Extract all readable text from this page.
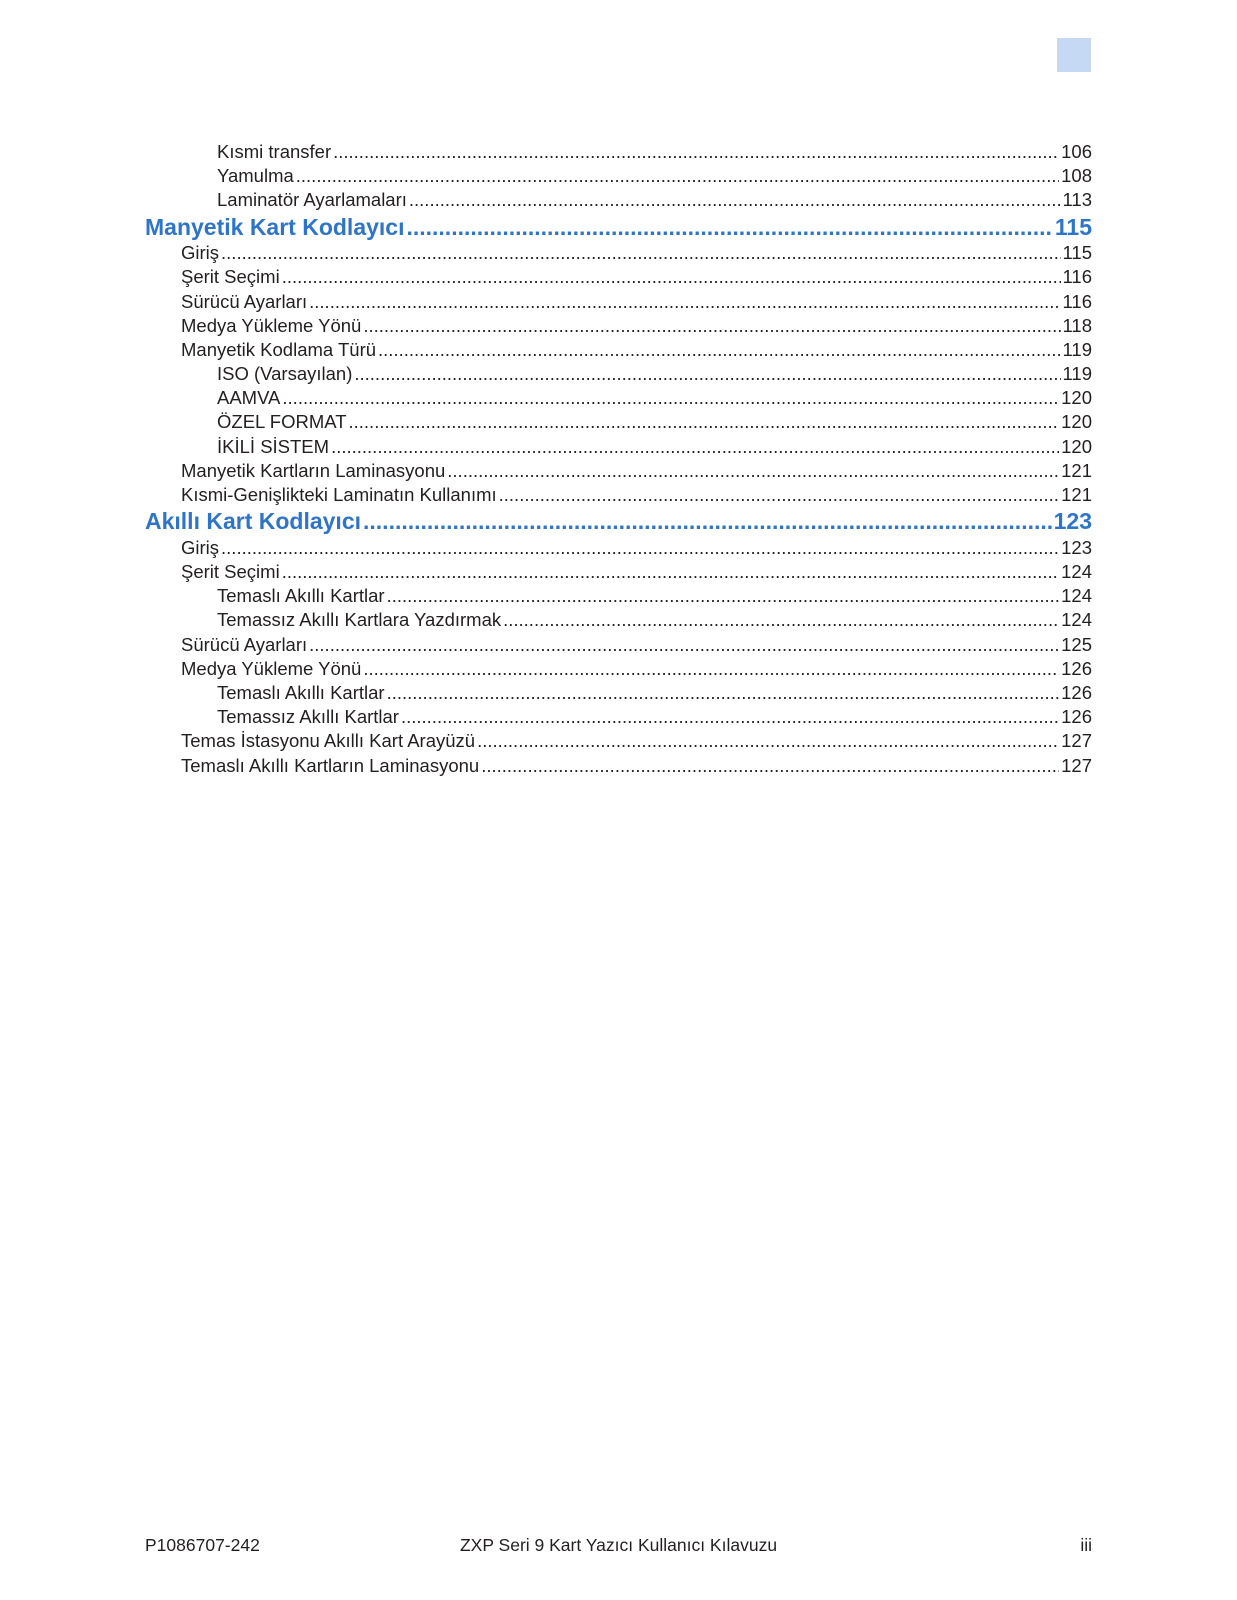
Kısmi transfer .....	106
Yamulma .....	108
Laminatör Ayarlamaları .....	113
Manyetik Kart Kodlayıcı .....	115
Giriş .....	115
Şerit Seçimi .....	116
Sürücü Ayarları .....	116
Medya Yükleme Yönü .....	118
Manyetik Kodlama Türü .....	119
ISO (Varsayılan) .....	119
AAMVA .....	120
ÖZEL FORMAT .....	120
İKİLİ SİSTEM .....	120
Manyetik Kartların Laminasyonu .....	121
Kısmi-Genişlikteki Laminatın Kullanımı .....	121
Akıllı Kart Kodlayıcı .....	123
Giriş .....	123
Şerit Seçimi .....	124
Temaslı Akıllı Kartlar .....	124
Temassız Akıllı Kartlara Yazdırmak .....	124
Sürücü Ayarları .....	125
Medya Yükleme Yönü .....	126
Temaslı Akıllı Kartlar .....	126
Temassız Akıllı Kartlar .....	126
Temas İstasyonu Akıllı Kart Arayüzü .....	127
Temaslı Akıllı Kartların Laminasyonu .....	127
P1086707-242	ZXP Seri 9 Kart Yazıcı Kullanıcı Kılavuzu	iii
